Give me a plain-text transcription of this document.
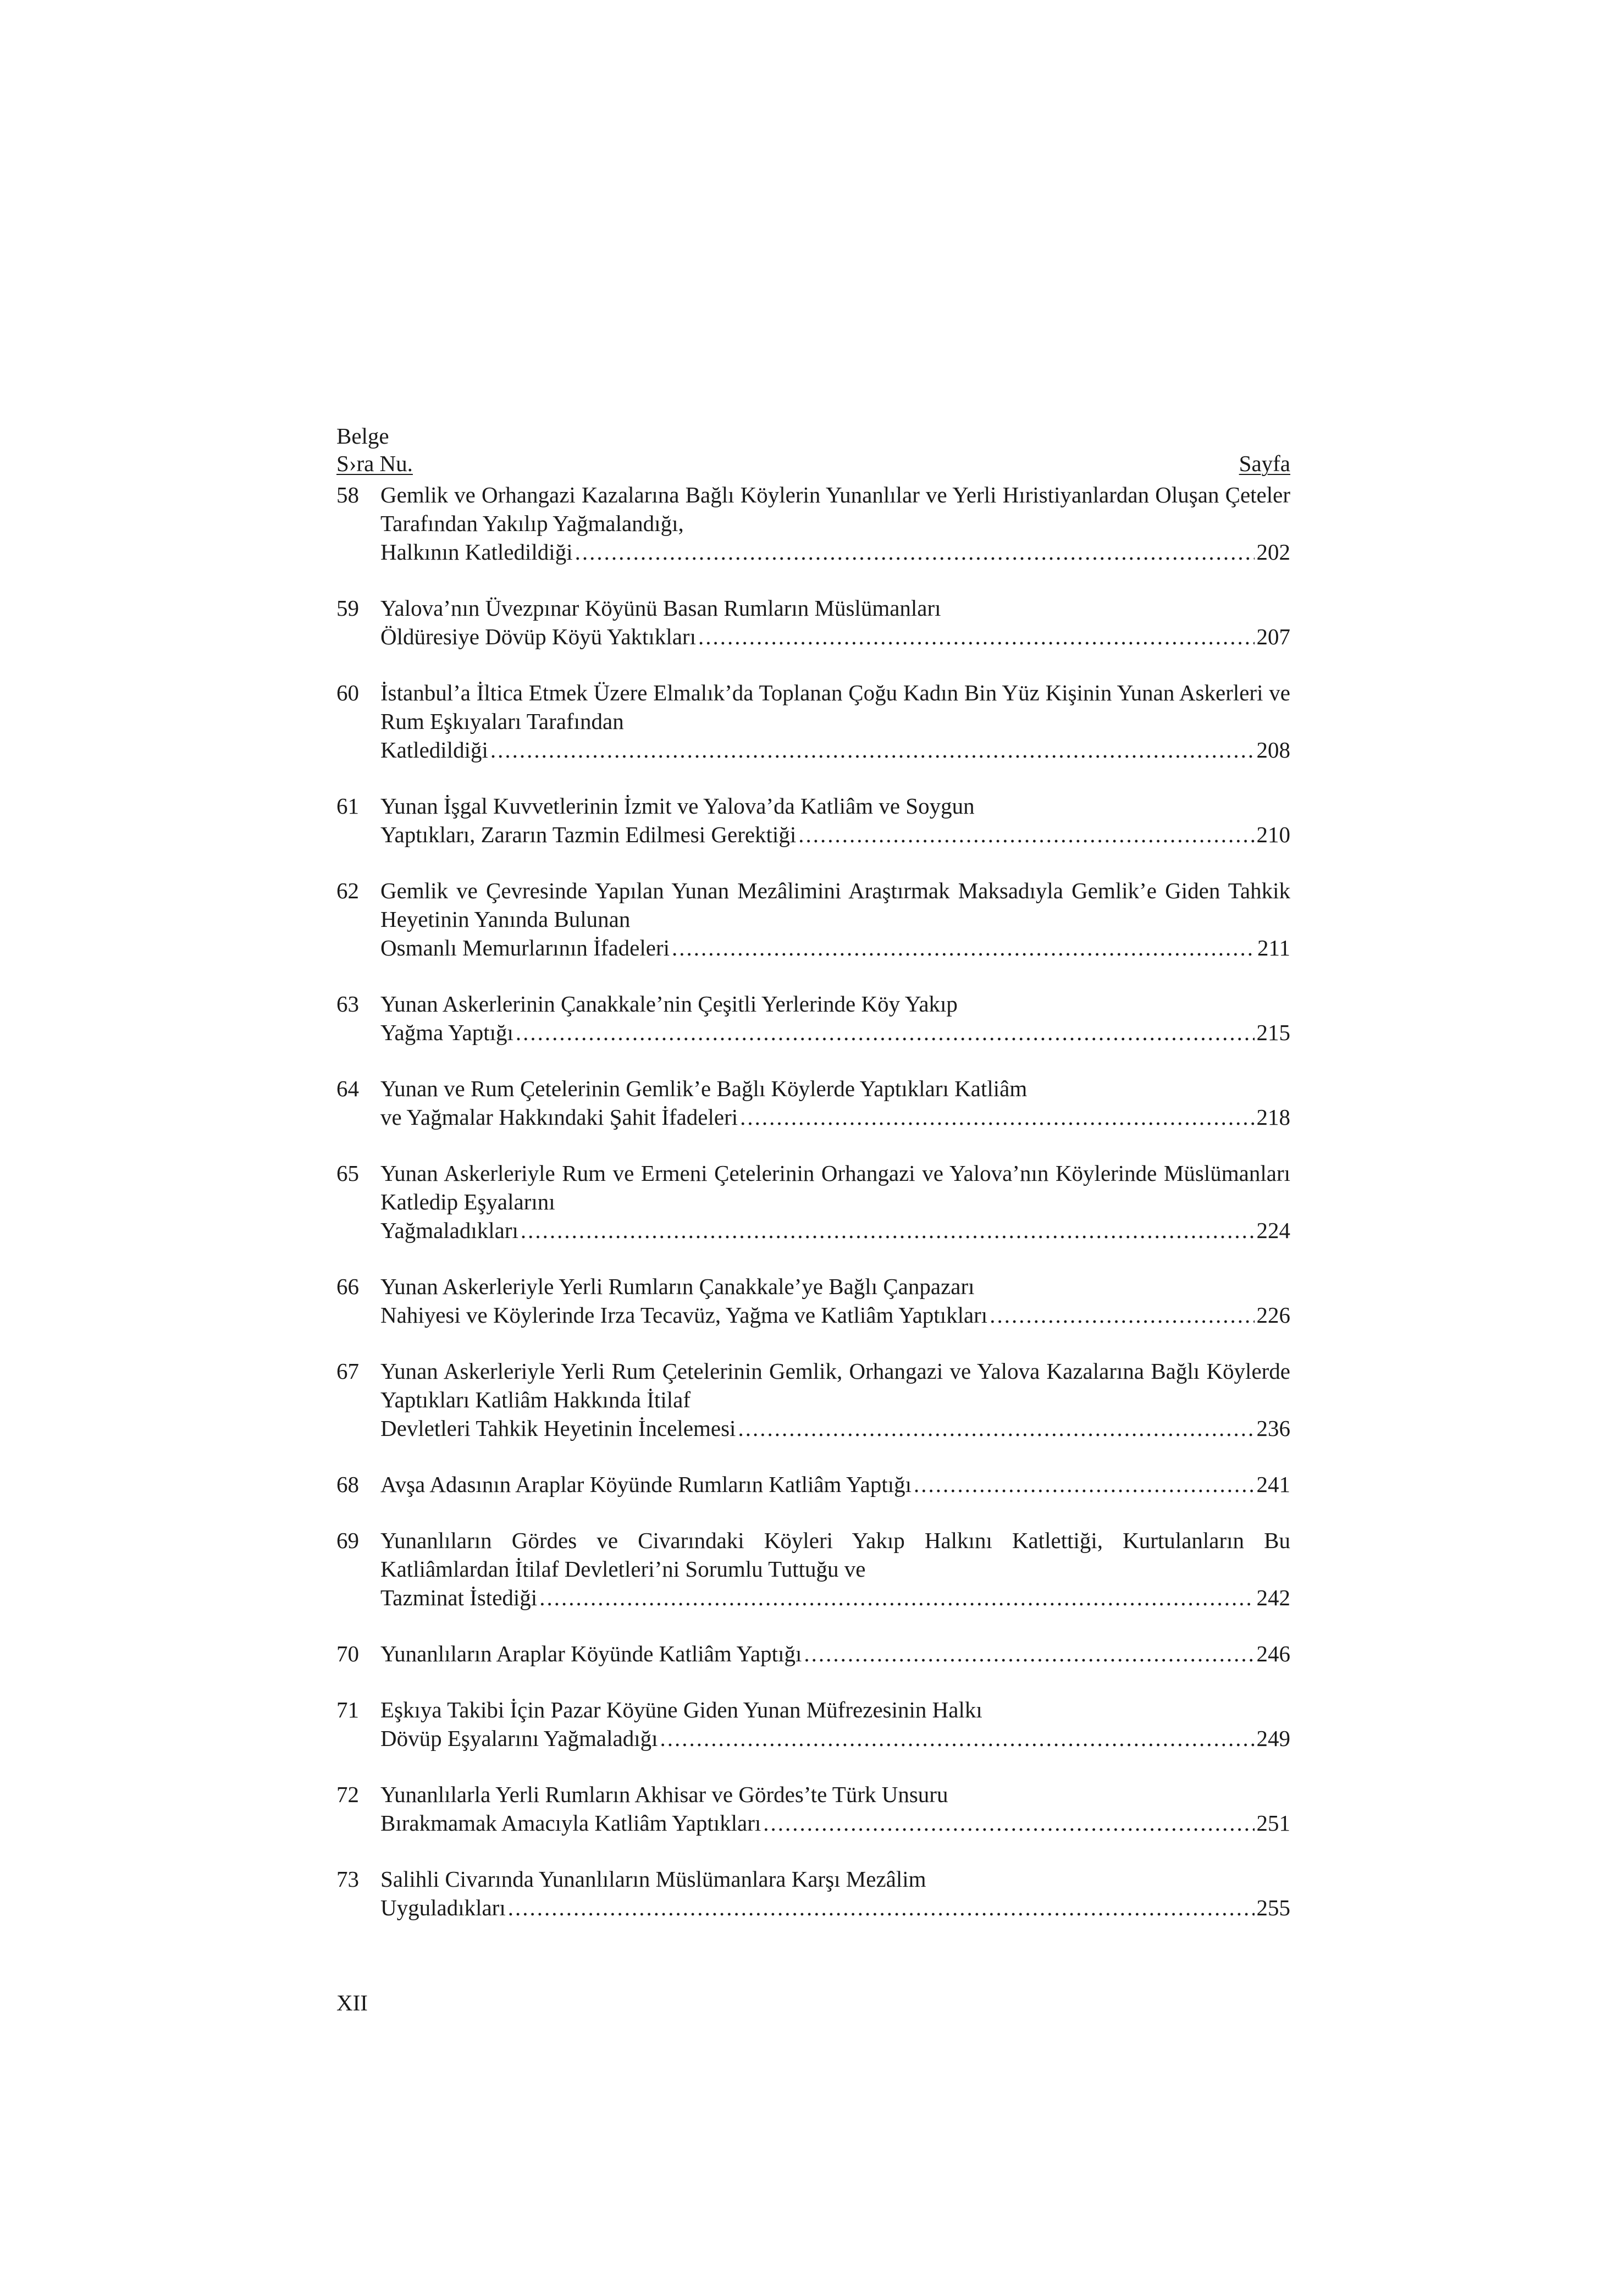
Belge
S›ra Nu.	Sayfa
58 Gemlik ve Orhangazi Kazalarına Bağlı Köylerin Yunanlılar ve Yerli Hıristiyanlardan Oluşan Çeteler Tarafından Yakılıp Yağmalandığı,
Halkının Katledildiği .....	202
59 Yalova’nın Üvezpınar Köyünü Basan Rumların Müslümanları
Öldüresiye Dövüp Köyü Yaktıkları .....	207
60 İstanbul’a İltica Etmek Üzere Elmalık’da Toplanan Çoğu Kadın Bin Yüz Kişinin Yunan Askerleri ve Rum Eşkıyaları Tarafından
Katledildiği .....	208
61 Yunan İşgal Kuvvetlerinin İzmit ve Yalova’da Katliâm ve Soygun
Yaptıkları, Zararın Tazmin Edilmesi Gerektiği .....	210
62 Gemlik ve Çevresinde Yapılan Yunan Mezâlimini Araştırmak Maksadıyla Gemlik’e Giden Tahkik Heyetinin Yanında Bulunan
Osmanlı Memurlarının İfadeleri .....	211
63 Yunan Askerlerinin Çanakkale’nin Çeşitli Yerlerinde Köy Yakıp
Yağma Yaptığı .....	215
64 Yunan ve Rum Çetelerinin Gemlik’e Bağlı Köylerde Yaptıkları Katliâm
ve Yağmalar Hakkındaki Şahit İfadeleri .....	218
65 Yunan Askerleriyle Rum ve Ermeni Çetelerinin Orhangazi ve Yalova’nın Köylerinde Müslümanları Katledip Eşyalarını
Yağmaladıkları .....	224
66 Yunan Askerleriyle Yerli Rumların Çanakkale’ye Bağlı Çanpazarı
Nahiyesi ve Köylerinde Irza Tecavüz, Yağma ve Katliâm Yaptıkları .....	226
67 Yunan Askerleriyle Yerli Rum Çetelerinin Gemlik, Orhangazi ve Yalova Kazalarına Bağlı Köylerde Yaptıkları Katliâm Hakkında İtilaf
Devletleri Tahkik Heyetinin İncelemesi .....	236
68 Avşa Adasının Araplar Köyünde Rumların Katliâm Yaptığı .....	241
69 Yunanlıların Gördes ve Civarındaki Köyleri Yakıp Halkını Katlettiği, Kurtulanların Bu Katliâmlardan İtilaf Devletleri’ni Sorumlu Tuttuğu ve
Tazminat İstediği .....	242
70 Yunanlıların Araplar Köyünde Katliâm Yaptığı .....	246
71 Eşkıya Takibi İçin Pazar Köyüne Giden Yunan Müfrezesinin Halkı
Dövüp Eşyalarını Yağmaladığı .....	249
72 Yunanlılarla Yerli Rumların Akhisar ve Gördes’te Türk Unsuru
Bırakmamak Amacıyla Katliâm Yaptıkları .....	251
73 Salihli Civarında Yunanlıların Müslümanlara Karşı Mezâlim
Uyguladıkları .....	255
XII
